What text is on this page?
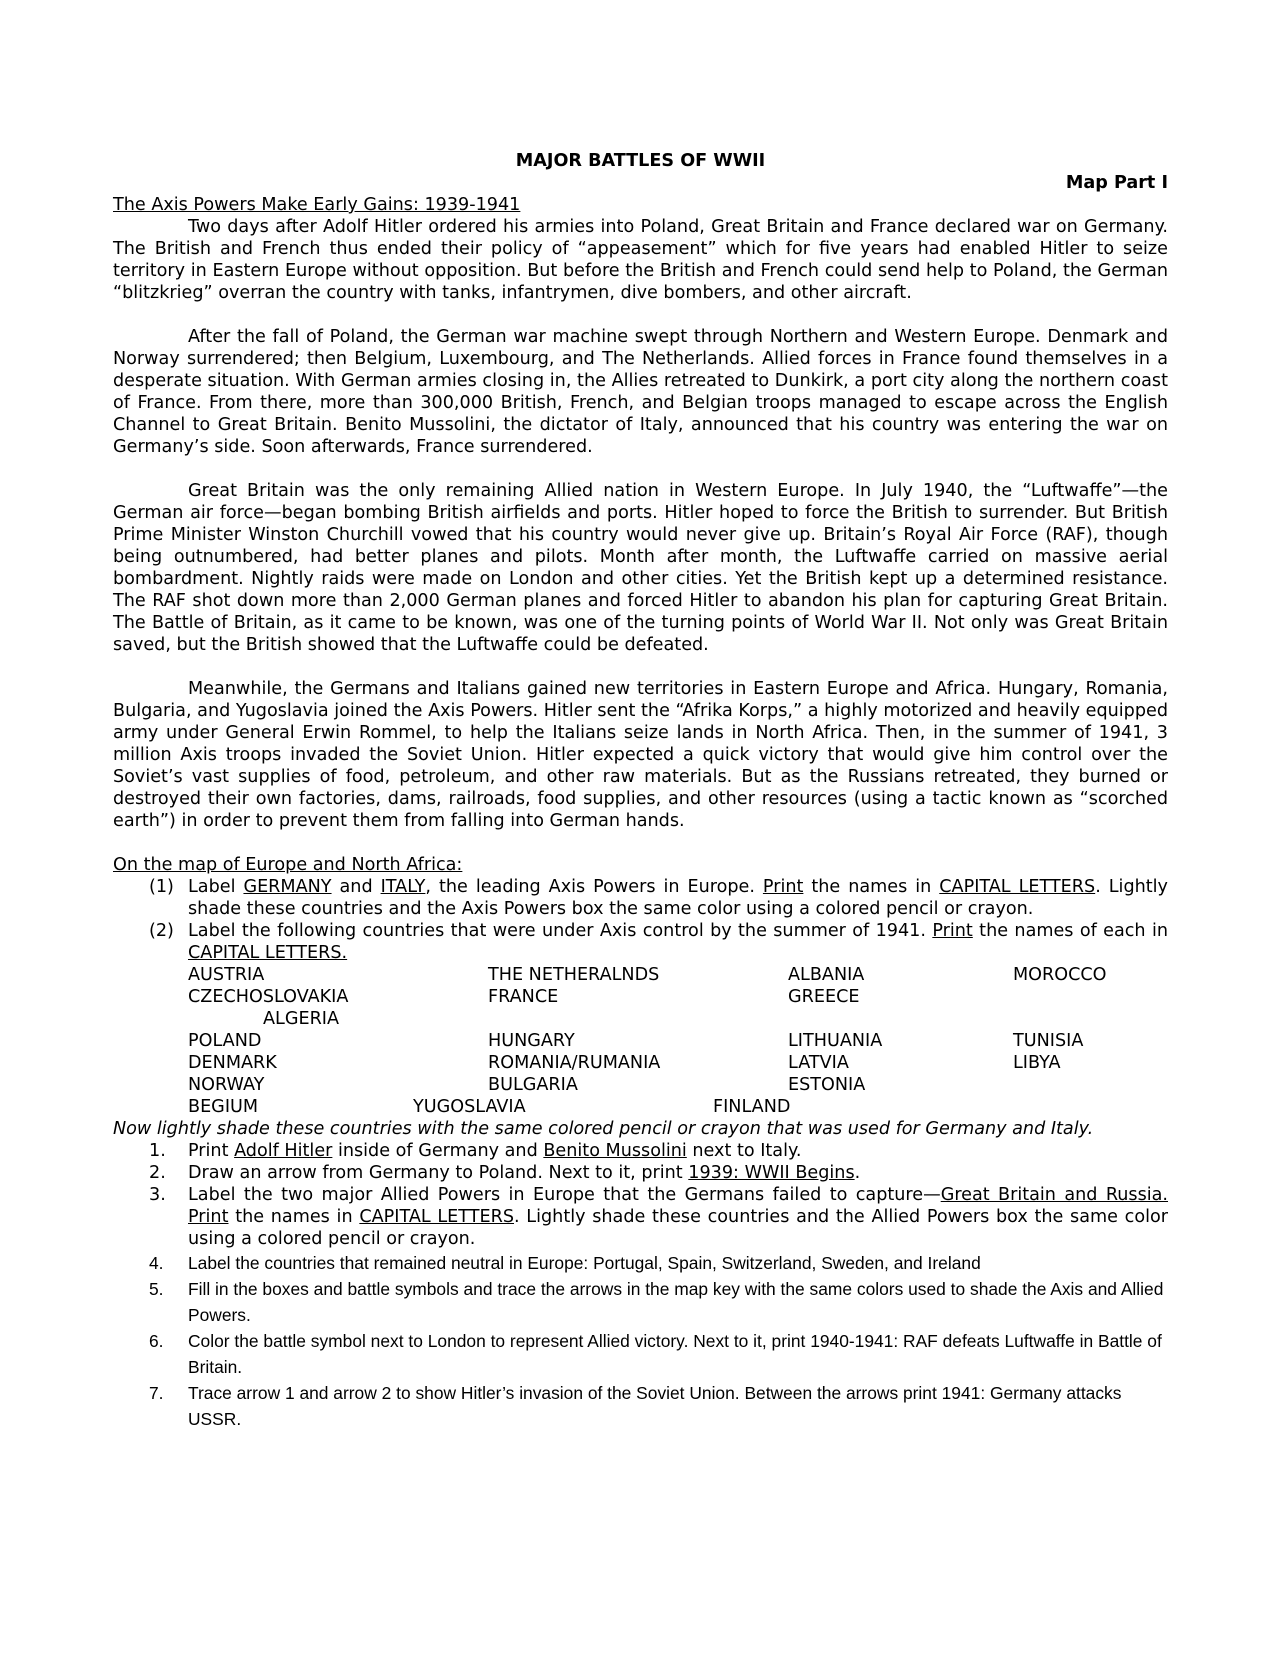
MAJOR BATTLES OF WWII
Map Part I
The Axis Powers Make Early Gains: 1939-1941

Two days after Adolf Hitler ordered his armies into Poland, Great Britain and France declared war on Germany. The British and French thus ended their policy of “appeasement” which for five years had enabled Hitler to seize territory in Eastern Europe without opposition. But before the British and French could send help to Poland, the German “blitzkrieg” overran the country with tanks, infantrymen, dive bombers, and other aircraft.

After the fall of Poland, the German war machine swept through Northern and Western Europe. Denmark and Norway surrendered; then Belgium, Luxembourg, and The Netherlands. Allied forces in France found themselves in a desperate situation. With German armies closing in, the Allies retreated to Dunkirk, a port city along the northern coast of France. From there, more than 300,000 British, French, and Belgian troops managed to escape across the English Channel to Great Britain. Benito Mussolini, the dictator of Italy, announced that his country was entering the war on Germany’s side. Soon afterwards, France surrendered.

Great Britain was the only remaining Allied nation in Western Europe. In July 1940, the “Luftwaffe”—the German air force—began bombing British airfields and ports. Hitler hoped to force the British to surrender. But British Prime Minister Winston Churchill vowed that his country would never give up. Britain’s Royal Air Force (RAF), though being outnumbered, had better planes and pilots. Month after month, the Luftwaffe carried on massive aerial bombardment. Nightly raids were made on London and other cities. Yet the British kept up a determined resistance. The RAF shot down more than 2,000 German planes and forced Hitler to abandon his plan for capturing Great Britain. The Battle of Britain, as it came to be known, was one of the turning points of World War II. Not only was Great Britain saved, but the British showed that the Luftwaffe could be defeated.

Meanwhile, the Germans and Italians gained new territories in Eastern Europe and Africa. Hungary, Romania, Bulgaria, and Yugoslavia joined the Axis Powers. Hitler sent the “Afrika Korps,” a highly motorized and heavily equipped army under General Erwin Rommel, to help the Italians seize lands in North Africa. Then, in the summer of 1941, 3 million Axis troops invaded the Soviet Union. Hitler expected a quick victory that would give him control over the Soviet’s vast supplies of food, petroleum, and other raw materials. But as the Russians retreated, they burned or destroyed their own factories, dams, railroads, food supplies, and other resources (using a tactic known as “scorched earth”) in order to prevent them from falling into German hands.

On the map of Europe and North Africa:
(1) Label GERMANY and ITALY, the leading Axis Powers in Europe. Print the names in CAPITAL LETTERS. Lightly shade these countries and the Axis Powers box the same color using a colored pencil or crayon.
(2) Label the following countries that were under Axis control by the summer of 1941. Print the names of each in CAPITAL LETTERS.
AUSTRIA	THE NETHERALNDS	ALBANIA	MOROCCO
CZECHOSLOVAKIA	FRANCE	GREECE
ALGERIA
POLAND	HUNGARY	LITHUANIA	TUNISIA
DENMARK	ROMANIA/RUMANIA	LATVIA	LIBYA
NORWAY	BULGARIA	ESTONIA
BEGIUM	YUGOSLAVIA	FINLAND
Now lightly shade these countries with the same colored pencil or crayon that was used for Germany and Italy.
1. Print Adolf Hitler inside of Germany and Benito Mussolini next to Italy.
2. Draw an arrow from Germany to Poland. Next to it, print 1939: WWII Begins.
3. Label the two major Allied Powers in Europe that the Germans failed to capture—Great Britain and Russia. Print the names in CAPITAL LETTERS. Lightly shade these countries and the Allied Powers box the same color using a colored pencil or crayon.
4. Label the countries that remained neutral in Europe: Portugal, Spain, Switzerland, Sweden, and Ireland
5. Fill in the boxes and battle symbols and trace the arrows in the map key with the same colors used to shade the Axis and Allied Powers.
6. Color the battle symbol next to London to represent Allied victory. Next to it, print 1940-1941: RAF defeats Luftwaffe in Battle of Britain.
7. Trace arrow 1 and arrow 2 to show Hitler’s invasion of the Soviet Union. Between the arrows print 1941: Germany attacks USSR.
